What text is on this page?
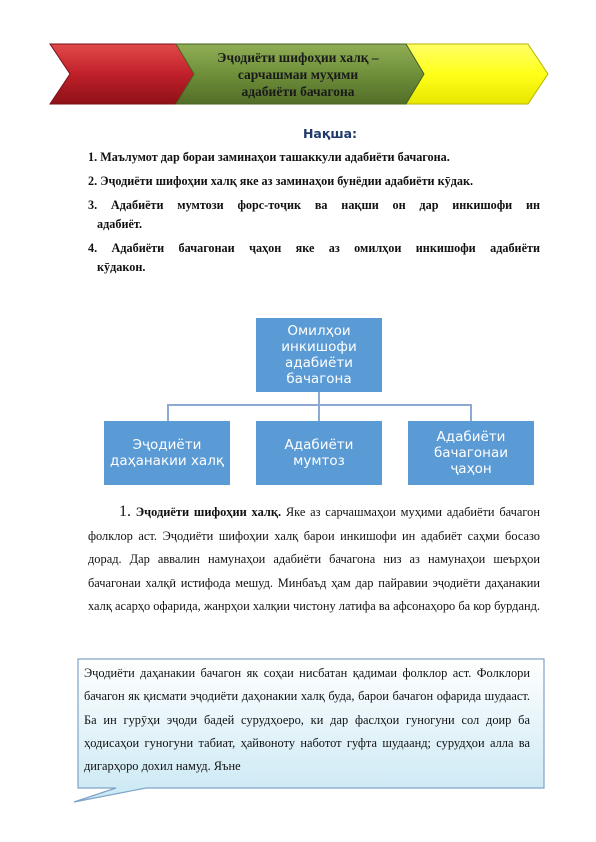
Эҷодиёти шифоҳии халқ –
сарчашмаи муҳими
адабиёти бачагона
Нақша:
1. Маълумот дар бораи заминаҳои ташаккули адабиёти бачагона.
2. Эҷодиёти шифоҳии халқ яке аз заминаҳои бунёдии адабиёти кӯдак.
3. Адабиёти мумтози форс-тоҷик ва нақши он дар инкишофи ин
адабиёт.
4. Адабиёти бачагонаи ҷаҳон яке аз омилҳои инкишофи адабиёти
кӯдакон.
Омилҳои
инкишофи
адабиёти
бачагона
Эҷодиёти
даҳанакии халқ
Адабиёти
мумтоз
Адабиёти
бачагонаи
ҷаҳон

1. Эҷодиёти шифоҳии халқ. Яке аз сарчашмаҳои муҳими адабиёти бачагон фолклор аст. Эҷодиёти шифоҳии халқ барои инкишофи ин адабиёт саҳми босазо дорад. Дар аввалин намунаҳои адабиёти бачагона низ аз намунаҳои шеърҳои бачагонаи халқӣ истифода мешуд. Минбаъд ҳам дар пайравии эҷодиёти даҳанакии халқ асарҳо офарида, жанрҳои халқии чистону латифа ва афсонаҳоро ба кор бурданд.

Эҷодиёти даҳанакии бачагон як соҳаи нисбатан қадимаи фолклор аст. Фолклори бачагон як қисмати эҷодиёти даҳонакии халқ буда, барои бачагон офарида шудааст. Ба ин гурӯҳи эҷоди бадей сурудҳоеро, ки дар фаслҳои гуногуни сол доир ба ҳодисаҳои гуногуни табиат, ҳайвоноту наботот гуфта шудаанд; сурудҳои алла ва дигарҳоро дохил намуд. Яъне
